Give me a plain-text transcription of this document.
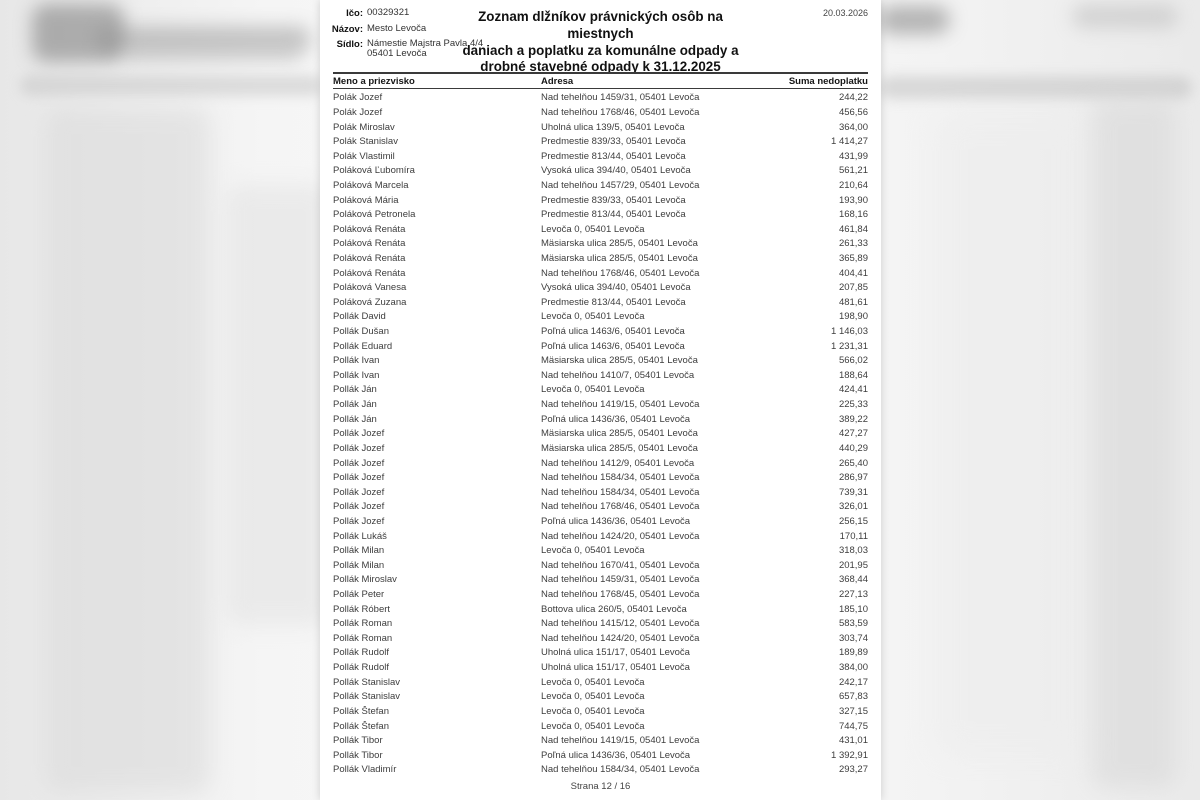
Ičo: 00329321
Názov: Mesto Levoča
Sídlo: Námestie Majstra Pavla 4/4
05401 Levoča
Zoznam dlžníkov právnických osôb na miestnych
daniach a poplatku za komunálne odpady a
drobné stavebné odpady k 31.12.2025
20.03.2026
Meno a priezvisko	Adresa	Suma nedoplatku
Polák Jozef	Nad tehelňou 1459/31, 05401 Levoča	244,22
Polák Jozef	Nad tehelňou 1768/46, 05401 Levoča	456,56
Polák Miroslav	Uholná ulica 139/5, 05401 Levoča	364,00
Polák Stanislav	Predmestie 839/33, 05401 Levoča	1 414,27
Polák Vlastimil	Predmestie 813/44, 05401 Levoča	431,99
Poláková Ľubomíra	Vysoká ulica 394/40, 05401 Levoča	561,21
Poláková Marcela	Nad tehelňou 1457/29, 05401 Levoča	210,64
Poláková Mária	Predmestie 839/33, 05401 Levoča	193,90
Poláková Petronela	Predmestie 813/44, 05401 Levoča	168,16
Poláková Renáta	Levoča 0, 05401 Levoča	461,84
Poláková Renáta	Mäsiarska ulica 285/5, 05401 Levoča	261,33
Poláková Renáta	Mäsiarska ulica 285/5, 05401 Levoča	365,89
Poláková Renáta	Nad tehelňou 1768/46, 05401 Levoča	404,41
Poláková Vanesa	Vysoká ulica 394/40, 05401 Levoča	207,85
Poláková Zuzana	Predmestie 813/44, 05401 Levoča	481,61
Pollák David	Levoča 0, 05401 Levoča	198,90
Pollák Dušan	Poľná ulica 1463/6, 05401 Levoča	1 146,03
Pollák Eduard	Poľná ulica 1463/6, 05401 Levoča	1 231,31
Pollák Ivan	Mäsiarska ulica 285/5, 05401 Levoča	566,02
Pollák Ivan	Nad tehelňou 1410/7, 05401 Levoča	188,64
Pollák Ján	Levoča 0, 05401 Levoča	424,41
Pollák Ján	Nad tehelňou 1419/15, 05401 Levoča	225,33
Pollák Ján	Poľná ulica 1436/36, 05401 Levoča	389,22
Pollák Jozef	Mäsiarska ulica 285/5, 05401 Levoča	427,27
Pollák Jozef	Mäsiarska ulica 285/5, 05401 Levoča	440,29
Pollák Jozef	Nad tehelňou 1412/9, 05401 Levoča	265,40
Pollák Jozef	Nad tehelňou 1584/34, 05401 Levoča	286,97
Pollák Jozef	Nad tehelňou 1584/34, 05401 Levoča	739,31
Pollák Jozef	Nad tehelňou 1768/46, 05401 Levoča	326,01
Pollák Jozef	Poľná ulica 1436/36, 05401 Levoča	256,15
Pollák Lukáš	Nad tehelňou 1424/20, 05401 Levoča	170,11
Pollák Milan	Levoča 0, 05401 Levoča	318,03
Pollák Milan	Nad tehelňou 1670/41, 05401 Levoča	201,95
Pollák Miroslav	Nad tehelňou 1459/31, 05401 Levoča	368,44
Pollák Peter	Nad tehelňou 1768/45, 05401 Levoča	227,13
Pollák Róbert	Bottova ulica 260/5, 05401 Levoča	185,10
Pollák Roman	Nad tehelňou 1415/12, 05401 Levoča	583,59
Pollák Roman	Nad tehelňou 1424/20, 05401 Levoča	303,74
Pollák Rudolf	Uholná ulica 151/17, 05401 Levoča	189,89
Pollák Rudolf	Uholná ulica 151/17, 05401 Levoča	384,00
Pollák Stanislav	Levoča 0, 05401 Levoča	242,17
Pollák Stanislav	Levoča 0, 05401 Levoča	657,83
Pollák Štefan	Levoča 0, 05401 Levoča	327,15
Pollák Štefan	Levoča 0, 05401 Levoča	744,75
Pollák Tibor	Nad tehelňou 1419/15, 05401 Levoča	431,01
Pollák Tibor	Poľná ulica 1436/36, 05401 Levoča	1 392,91
Pollák Vladimír	Nad tehelňou 1584/34, 05401 Levoča	293,27
Strana 12 / 16
